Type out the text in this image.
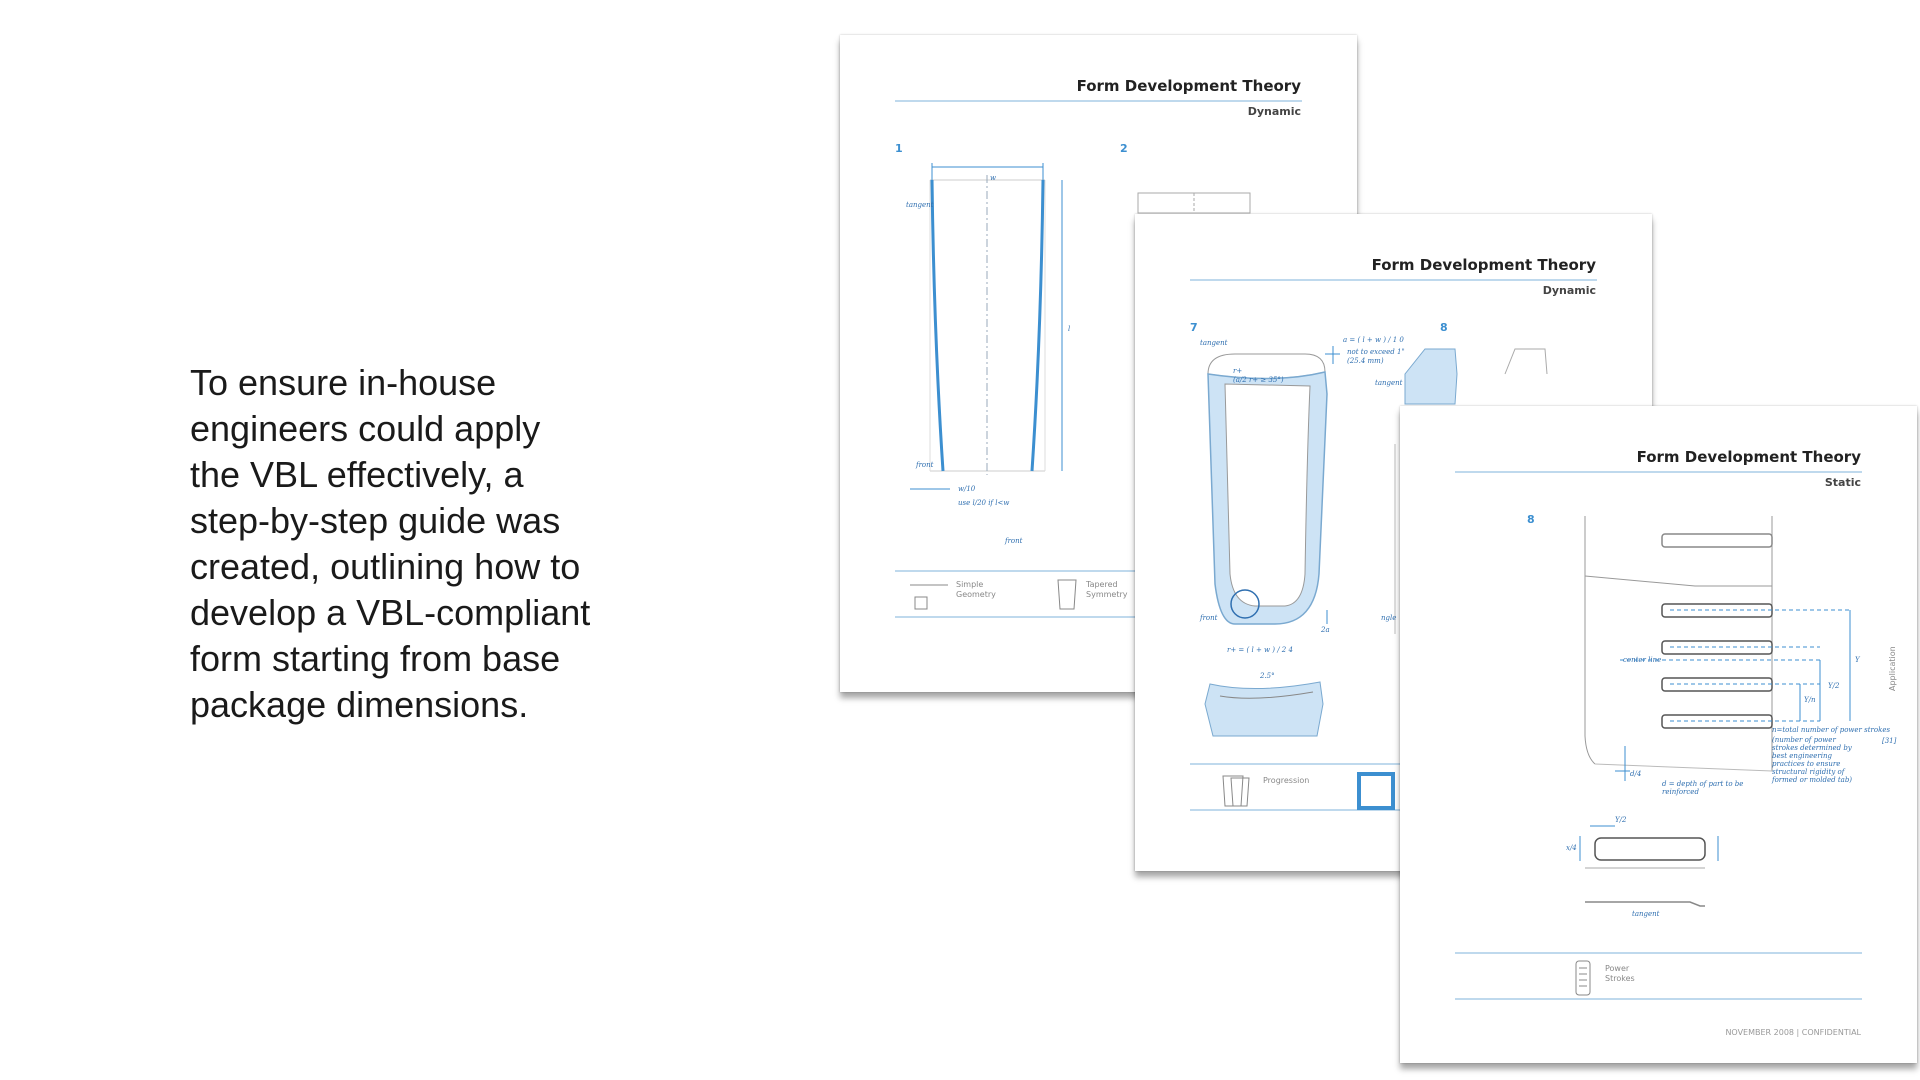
To ensure in-house
engineers could apply
the VBL effectively, a
step-by-step guide was
created, outlining how to
develop a VBL-compliant
form starting from base
package dimensions.
Form Development Theory
Dynamic
1	2
w
tangent
l
front
w/10
use l/20 if l<w
front
Simple Geometry
Tapered Symmetry
Form Development Theory
Dynamic
7	8
tangent	a = ( l + w ) / 1 0
not to exceed 1"
(25.4 mm)
r+
(a/2 r+ ≥ 35°)	tangent
front
2a
r+ = ( l + w ) / 2 4
2.5°
ngle
Progression
Form Development Theory
Static
8
center line	Y
Y/2
Y/n
n=total number of power strokes
(number of power strokes determined by best engineering practices to ensure structural rigidity of formed or molded tab)
d/4
d = depth of part to be reinforced
Application
[31]
Y/2
x/4
tangent
Power Strokes
NOVEMBER 2008 | CONFIDENTIAL
